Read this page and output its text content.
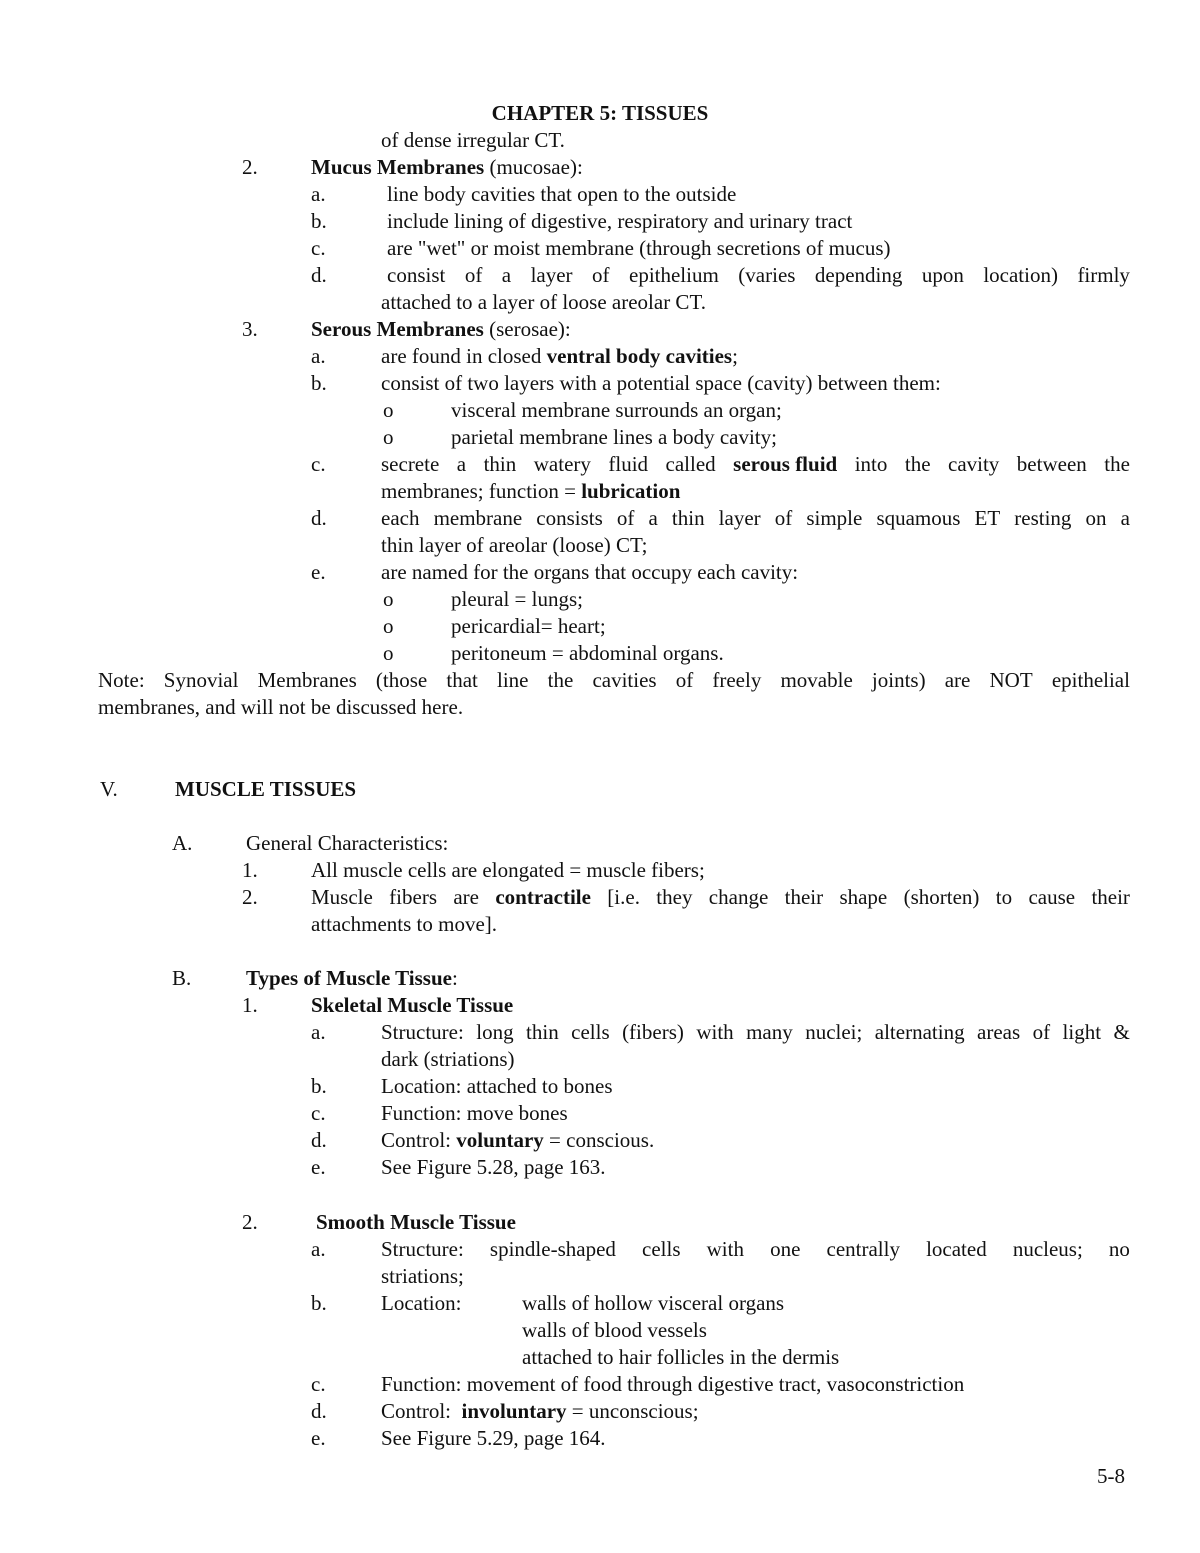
CHAPTER 5: TISSUES
of dense irregular CT.
2.	Mucus Membranes (mucosae):
a.	line body cavities that open to the outside
b.	include lining of digestive, respiratory and urinary tract
c.	are "wet" or moist membrane (through secretions of mucus)
d.	consist of a layer of epithelium (varies depending upon location) firmly
attached to a layer of loose areolar CT.
3.	Serous Membranes (serosae):
a.	are found in closed ventral body cavities;
b.	consist of two layers with a potential space (cavity) between them:
o	visceral membrane surrounds an organ;
o	parietal membrane lines a body cavity;
c.	secrete a thin watery fluid called serous fluid into the cavity between the
membranes; function = lubrication
d.	each membrane consists of a thin layer of simple squamous ET resting on a
thin layer of areolar (loose) CT;
e.	are named for the organs that occupy each cavity:
o	pleural = lungs;
o	pericardial= heart;
o	peritoneum = abdominal organs.
Note: Synovial Membranes (those that line the cavities of freely movable joints) are NOT epithelial
membranes, and will not be discussed here.
V.	MUSCLE TISSUES
A.	General Characteristics:
1.	All muscle cells are elongated = muscle fibers;
2.	Muscle fibers are contractile [i.e. they change their shape (shorten) to cause their
attachments to move].
B.	Types of Muscle Tissue:
1.	Skeletal Muscle Tissue
a.	Structure: long thin cells (fibers) with many nuclei; alternating areas of light &
dark (striations)
b.	Location: attached to bones
c.	Function: move bones
d.	Control: voluntary = conscious.
e.	See Figure 5.28, page 163.
2.	Smooth Muscle Tissue
a.	Structure: spindle-shaped cells with one centrally located nucleus; no
striations;
b.	Location:	walls of hollow visceral organs
walls of blood vessels
attached to hair follicles in the dermis
c.	Function: movement of food through digestive tract, vasoconstriction
d.	Control:  involuntary = unconscious;
e.	See Figure 5.29, page 164.
5-8
